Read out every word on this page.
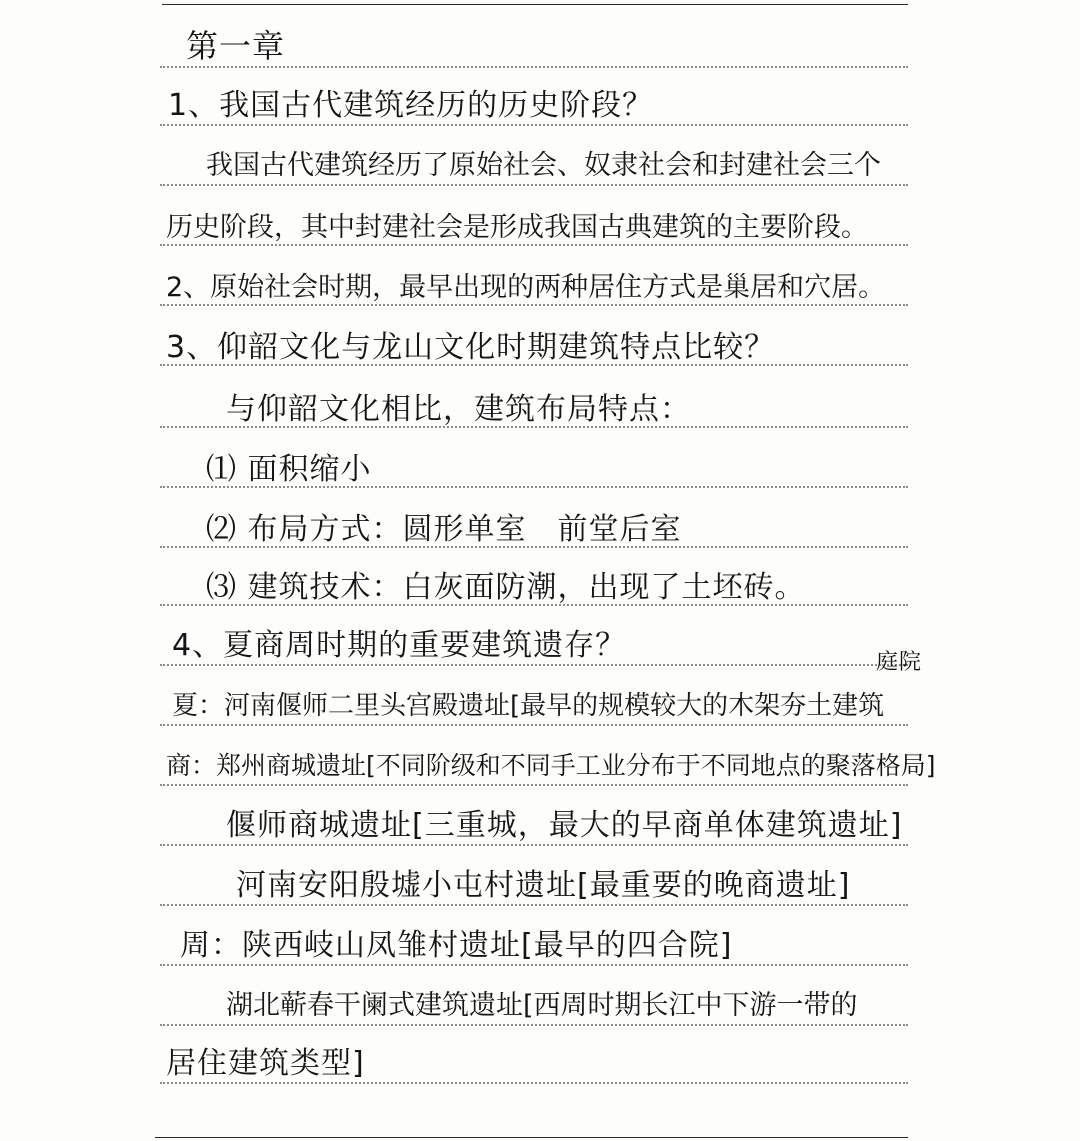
第一章
1、我国古代建筑经历的历史阶段？
我国古代建筑经历了原始社会、奴隶社会和封建社会三个
历史阶段，其中封建社会是形成我国古典建筑的主要阶段。
2、原始社会时期，最早出现的两种居住方式是巢居和穴居。
3、仰韶文化与龙山文化时期建筑特点比较？
与仰韶文化相比，建筑布局特点：
⑴ 面积缩小
⑵ 布局方式：圆形单室　前堂后室
⑶ 建筑技术：白灰面防潮，出现了土坯砖。
4、夏商周时期的重要建筑遗存？	庭院
夏：河南偃师二里头宫殿遗址[最早的规模较大的木架夯土建筑
商：郑州商城遗址[不同阶级和不同手工业分布于不同地点的聚落格局]
偃师商城遗址[三重城，最大的早商单体建筑遗址]
河南安阳殷墟小屯村遗址[最重要的晚商遗址]
周：陕西岐山凤雏村遗址[最早的四合院]
湖北蕲春干阑式建筑遗址[西周时期长江中下游一带的
居住建筑类型]
